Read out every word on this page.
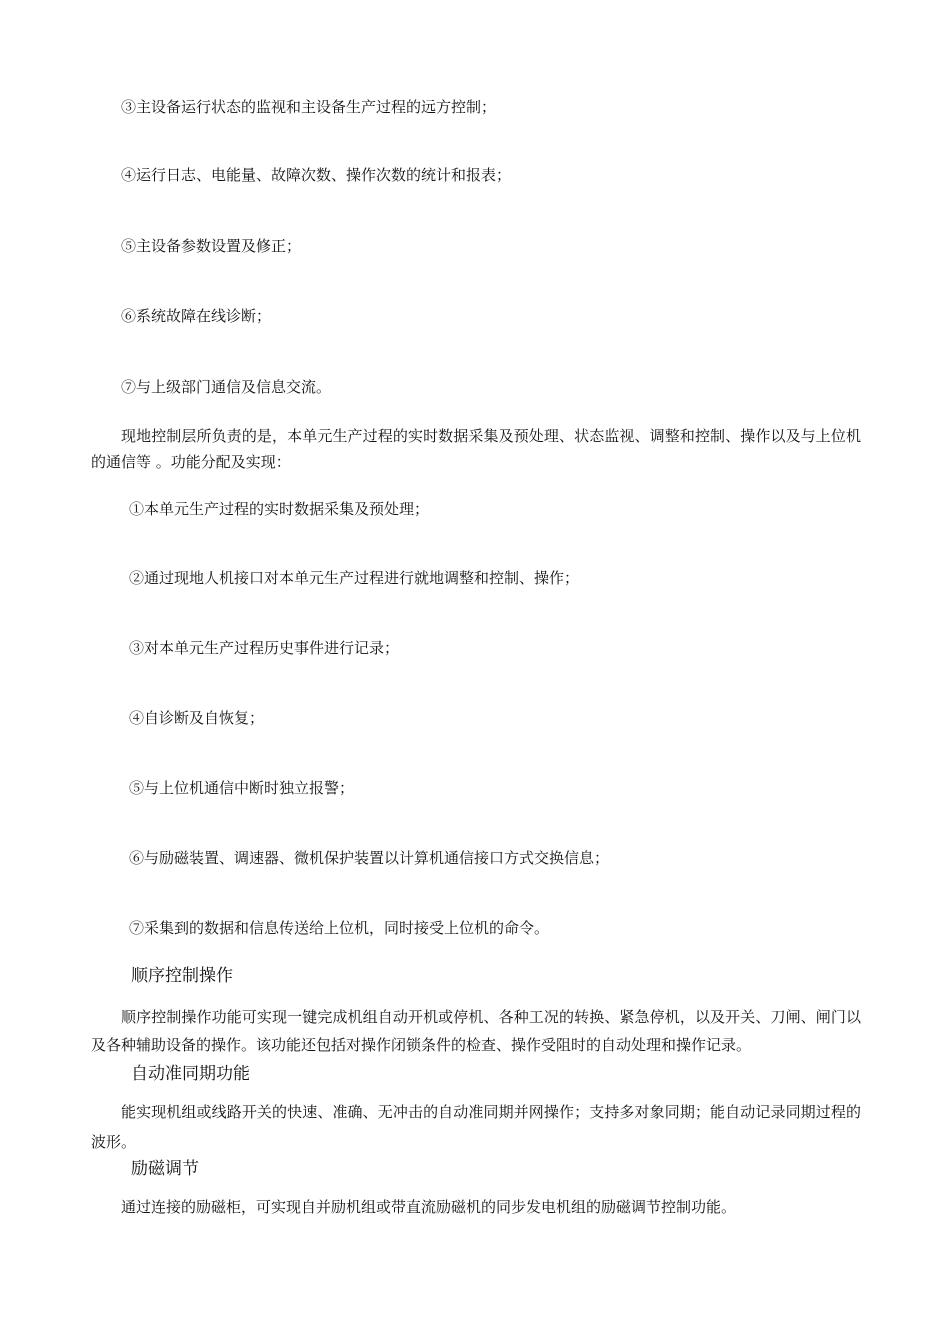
③主设备运行状态的监视和主设备生产过程的远方控制；

④运行日志、电能量、故障次数、操作次数的统计和报表；

⑤主设备参数设置及修正；

⑥系统故障在线诊断；

⑦与上级部门通信及信息交流。

现地控制层所负责的是，本单元生产过程的实时数据采集及预处理、状态监视、调整和控制、操作以及与上位机的通信等 。功能分配及实现：

①本单元生产过程的实时数据采集及预处理；

②通过现地人机接口对本单元生产过程进行就地调整和控制、操作；

③对本单元生产过程历史事件进行记录；

④自诊断及自恢复；

⑤与上位机通信中断时独立报警；

⑥与励磁装置、调速器、微机保护装置以计算机通信接口方式交换信息；

⑦采集到的数据和信息传送给上位机，同时接受上位机的命令。

顺序控制操作

顺序控制操作功能可实现一键完成机组自动开机或停机、各种工况的转换、紧急停机，以及开关、刀闸、闸门以及各种辅助设备的操作。该功能还包括对操作闭锁条件的检查、操作受阻时的自动处理和操作记录。

自动准同期功能

能实现机组或线路开关的快速、准确、无冲击的自动准同期并网操作；支持多对象同期；能自动记录同期过程的波形。

励磁调节

通过连接的励磁柜，可实现自并励机组或带直流励磁机的同步发电机组的励磁调节控制功能。
